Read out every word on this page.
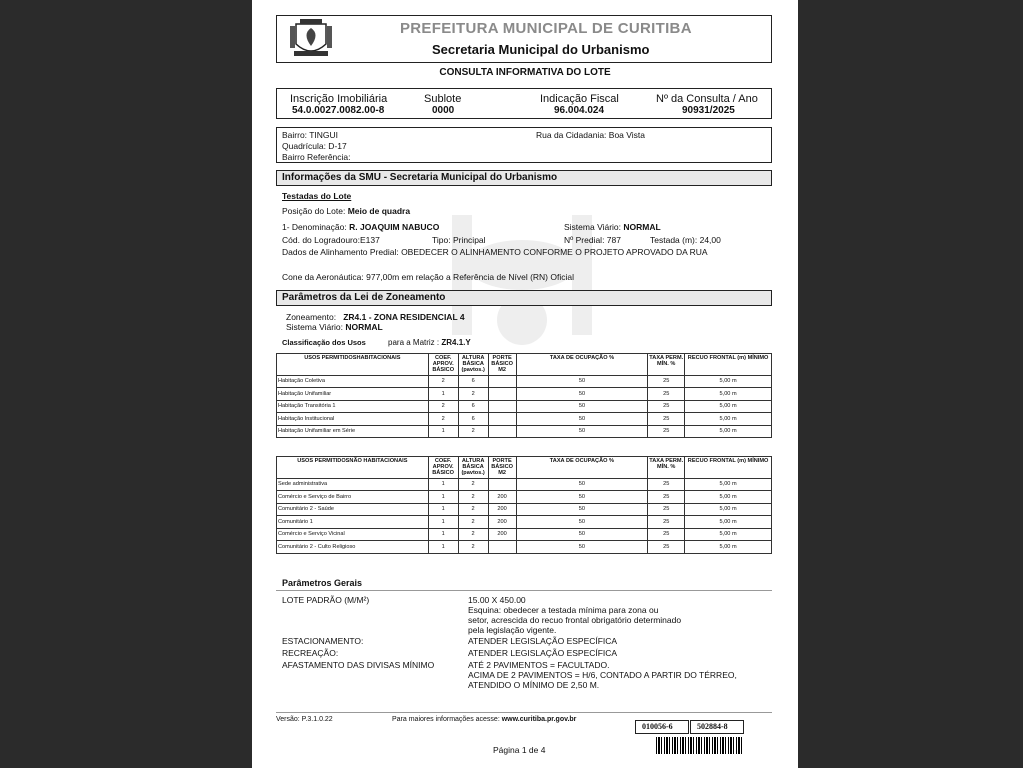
PREFEITURA MUNICIPAL DE CURITIBA
Secretaria Municipal do Urbanismo
CONSULTA INFORMATIVA DO LOTE
Inscrição Imobiliária
54.0.0027.0082.00-8
Sublote
0000
Indicação Fiscal
96.004.024
Nº da Consulta / Ano
90931/2025
Bairro: TINGUI
Quadrícula: D-17
Bairro Referência:
Rua da Cidadania: Boa Vista
Informações da SMU - Secretaria Municipal do Urbanismo
Testadas do Lote
Posição do Lote: Meio de quadra
1- Denominação: R. JOAQUIM NABUCO	Sistema Viário: NORMAL
Cód. do Logradouro:E137	Tipo: Principal	Nº Predial: 787	Testada (m): 24,00
Dados de Alinhamento Predial: OBEDECER O ALINHAMENTO CONFORME O PROJETO APROVADO DA RUA
Cone da Aeronáutica: 977,00m em relação a Referência de Nível (RN) Oficial
Parâmetros da Lei de Zoneamento
Zoneamento: ZR4.1 - ZONA RESIDENCIAL 4
Sistema Viário: NORMAL
Classificação dos Usos	para a Matriz : ZR4.1.Y
USOS PERMITIDOSHABITACIONAIS	COEF. APROV. BÁSICO	ALTURA BÁSICA (pavtos.)	PORTE BÁSICO M2	TAXA DE OCUPAÇÃO %	TAXA PERM. MÍN. %	RECUO FRONTAL (m) MÍNIMO
Habitação Coletiva	2	6		50	25	5,00 m
Habitação Unifamiliar	1	2		50	25	5,00 m
Habitação Transitória 1	2	6		50	25	5,00 m
Habitação Institucional	2	6		50	25	5,00 m
Habitação Unifamiliar em Série	1	2		50	25	5,00 m
USOS PERMITIDOSNÃO HABITACIONAIS	COEF. APROV. BÁSICO	ALTURA BÁSICA (pavtos.)	PORTE BÁSICO M2	TAXA DE OCUPAÇÃO %	TAXA PERM. MÍN. %	RECUO FRONTAL (m) MÍNIMO
Sede administrativa	1	2		50	25	5,00 m
Comércio e Serviço de Bairro	1	2	200	50	25	5,00 m
Comunitário 2 - Saúde	1	2	200	50	25	5,00 m
Comunitário 1	1	2	200	50	25	5,00 m
Comércio e Serviço Vicinal	1	2	200	50	25	5,00 m
Comunitário 2 - Culto Religioso	1	2		50	25	5,00 m
Parâmetros Gerais
LOTE PADRÃO (M/M²)	15.00 X 450.00
Esquina: obedecer a testada mínima para zona ou
setor, acrescida do recuo frontal obrigatório determinado
pela legislação vigente.
ESTACIONAMENTO:	ATENDER LEGISLAÇÃO ESPECÍFICA
RECREAÇÃO:	ATENDER LEGISLAÇÃO ESPECÍFICA
AFASTAMENTO DAS DIVISAS MÍNIMO	ATÉ 2 PAVIMENTOS = FACULTADO.
ACIMA DE 2 PAVIMENTOS = H/6, CONTADO A PARTIR DO TÉRREO,
ATENDIDO O MÍNIMO DE 2,50 M.
Versão: P.3.1.0.22	Para maiores informações acesse: www.curitiba.pr.gov.br
010056-6	502884-8
Página 1 de 4
